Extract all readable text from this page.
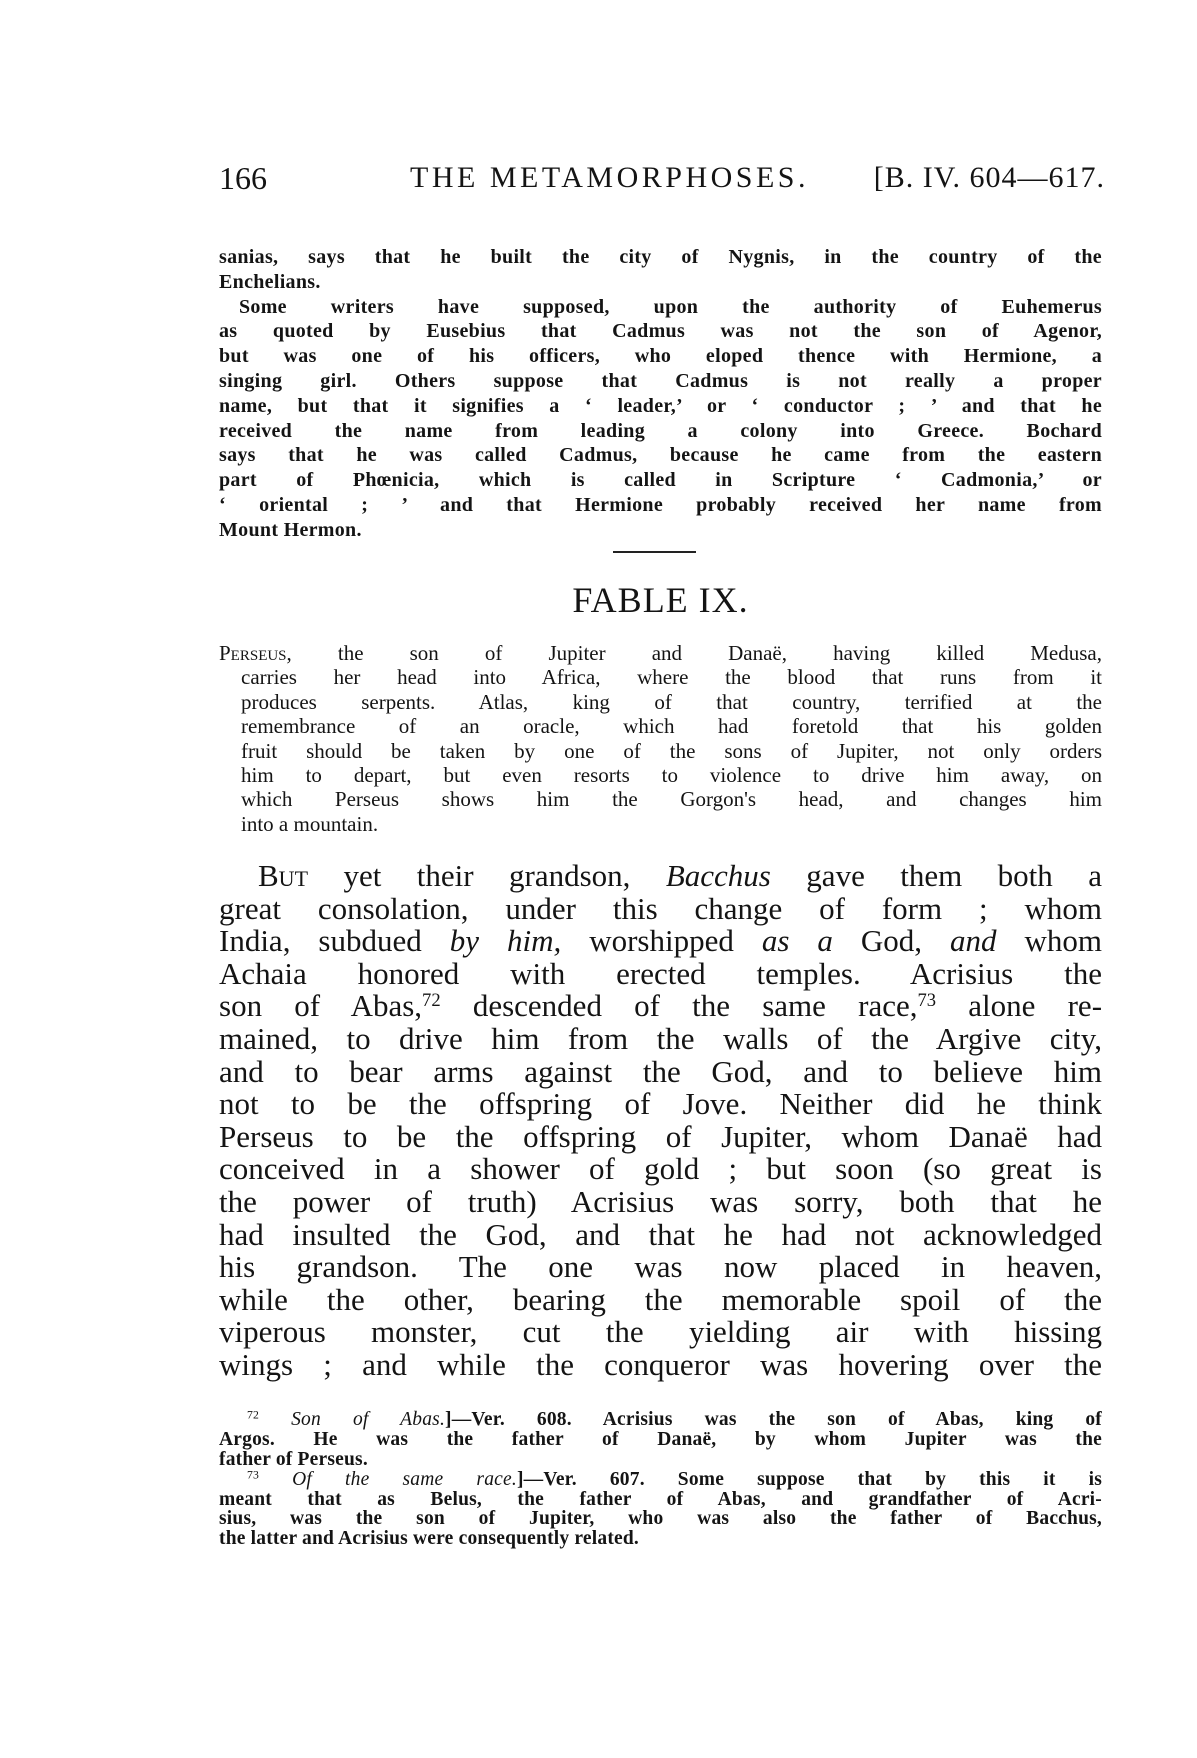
166	THE METAMORPHOSES. [B. IV. 604—617.
sanias, says that he built the city of Nygnis, in the country of the
Enchelians.
Some writers have supposed, upon the authority of Euhemerus
as quoted by Eusebius that Cadmus was not the son of Agenor,
but was one of his officers, who eloped thence with Hermione, a
singing girl. Others suppose that Cadmus is not really a proper
name, but that it signifies a ‘ leader,’ or ‘ conductor ; ’ and that he
received the name from leading a colony into Greece. Bochard
says that he was called Cadmus, because he came from the eastern
part of Phœnicia, which is called in Scripture ‘ Cadmonia,’ or
‘ oriental ; ’ and that Hermione probably received her name from
Mount Hermon.
FABLE IX.
Perseus, the son of Jupiter and Danaë, having killed Medusa,
carries her head into Africa, where the blood that runs from it
produces serpents. Atlas, king of that country, terrified at the
remembrance of an oracle, which had foretold that his golden
fruit should be taken by one of the sons of Jupiter, not only orders
him to depart, but even resorts to violence to drive him away, on
which Perseus shows him the Gorgon's head, and changes him
into a mountain.
But yet their grandson, Bacchus gave them both a
great consolation, under this change of form ; whom
India, subdued by him, worshipped as a God, and whom
Achaia honored with erected temples. Acrisius the
son of Abas,$^{72}$ descended of the same race,$^{73}$ alone re-
mained, to drive him from the walls of the Argive city,
and to bear arms against the God, and to believe him
not to be the offspring of Jove. Neither did he think
Perseus to be the offspring of Jupiter, whom Danaë had
conceived in a shower of gold ; but soon (so great is
the power of truth) Acrisius was sorry, both that he
had insulted the God, and that he had not acknowledged
his grandson. The one was now placed in heaven,
while the other, bearing the memorable spoil of the
viperous monster, cut the yielding air with hissing
wings ; and while the conqueror was hovering over the
$^{72}$ Son of Abas.]—Ver. 608. Acrisius was the son of Abas, king of
Argos. He was the father of Danaë, by whom Jupiter was the
father of Perseus.
$^{73}$ Of the same race.]—Ver. 607. Some suppose that by this it is
meant that as Belus, the father of Abas, and grandfather of Acri-
sius, was the son of Jupiter, who was also the father of Bacchus,
the latter and Acrisius were consequently related.
